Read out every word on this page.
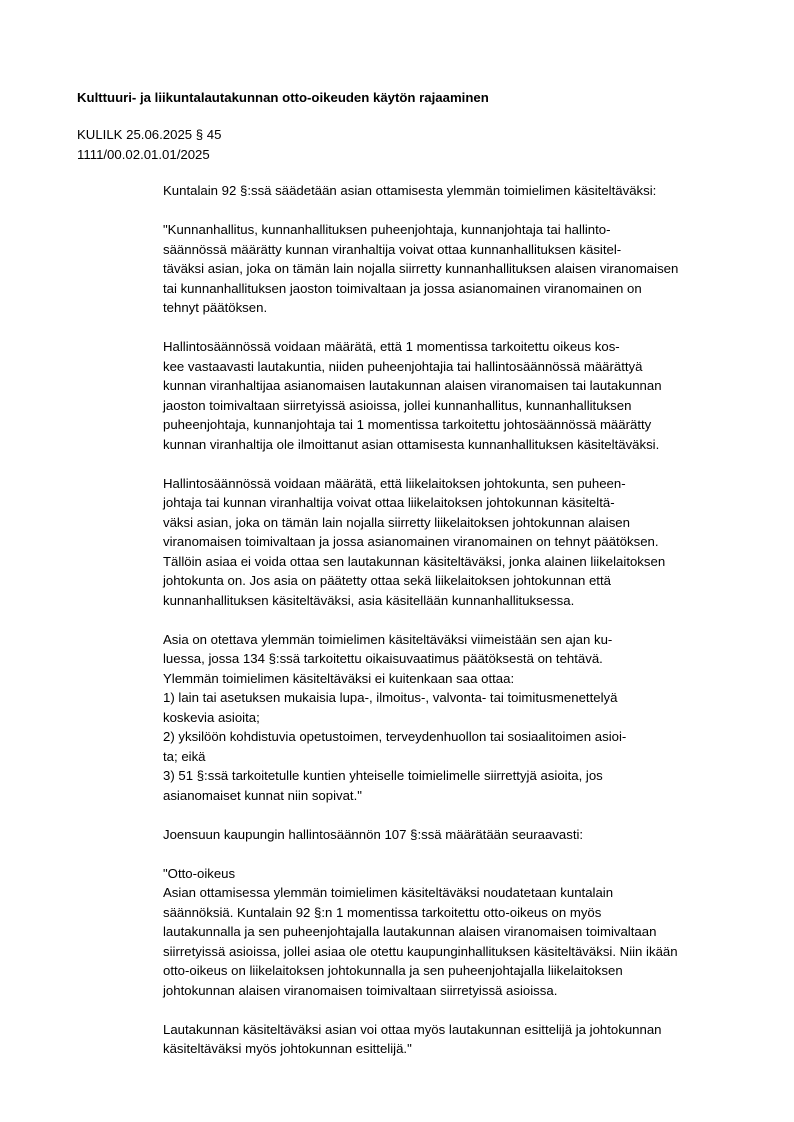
Kulttuuri- ja liikuntalautakunnan otto-oikeuden käytön rajaaminen
KULILK 25.06.2025 § 45
1111/00.02.01.01/2025
Kuntalain 92 §:ssä säädetään asian ottamisesta ylemmän toimielimen käsiteltäväksi:
"Kunnanhallitus, kunnanhallituksen puheenjohtaja, kunnanjohtaja tai hallinto-
säännössä määrätty kunnan viranhaltija voivat ottaa kunnanhallituksen käsitel-
täväksi asian, joka on tämän lain nojalla siirretty kunnanhallituksen alaisen viranomaisen
tai kunnanhallituksen jaoston toimivaltaan ja jossa asianomainen viranomainen on
tehnyt päätöksen.
Hallintosäännössä voidaan määrätä, että 1 momentissa tarkoitettu oikeus kos-
kee vastaavasti lautakuntia, niiden puheenjohtajia tai hallintosäännössä määrättyä
kunnan viranhaltijaa asianomaisen lautakunnan alaisen viranomaisen tai lautakunnan
jaoston toimivaltaan siirretyissä asioissa, jollei kunnanhallitus, kunnanhallituksen
puheenjohtaja, kunnanjohtaja tai 1 momentissa tarkoitettu johtosäännössä määrätty
kunnan viranhaltija ole ilmoittanut asian ottamisesta kunnanhallituksen käsiteltäväksi.
Hallintosäännössä voidaan määrätä, että liikelaitoksen johtokunta, sen puheen-
johtaja tai kunnan viranhaltija voivat ottaa liikelaitoksen johtokunnan käsiteltä-
väksi asian, joka on tämän lain nojalla siirretty liikelaitoksen johtokunnan alaisen
viranomaisen toimivaltaan ja jossa asianomainen viranomainen on tehnyt päätöksen.
Tällöin asiaa ei voida ottaa sen lautakunnan käsiteltäväksi, jonka alainen liikelaitoksen
johtokunta on. Jos asia on päätetty ottaa sekä liikelaitoksen johtokunnan että
kunnanhallituksen käsiteltäväksi, asia käsitellään kunnanhallituksessa.
Asia on otettava ylemmän toimielimen käsiteltäväksi viimeistään sen ajan ku-
luessa, jossa 134 §:ssä tarkoitettu oikaisuvaatimus päätöksestä on tehtävä.
Ylemmän toimielimen käsiteltäväksi ei kuitenkaan saa ottaa:
1) lain tai asetuksen mukaisia lupa-, ilmoitus-, valvonta- tai toimitusmenettelyä
koskevia asioita;
2) yksilöön kohdistuvia opetustoimen, terveydenhuollon tai sosiaalitoimen asioi-
ta; eikä
3) 51 §:ssä tarkoitetulle kuntien yhteiselle toimielimelle siirrettyjä asioita, jos
asianomaiset kunnat niin sopivat."
Joensuun kaupungin hallintosäännön 107 §:ssä määrätään seuraavasti:
"Otto-oikeus
Asian ottamisessa ylemmän toimielimen käsiteltäväksi noudatetaan kuntalain
säännöksiä. Kuntalain 92 §:n 1 momentissa tarkoitettu otto-oikeus on myös
lautakunnalla ja sen puheenjohtajalla lautakunnan alaisen viranomaisen toimivaltaan
siirretyissä asioissa, jollei asiaa ole otettu kaupunginhallituksen käsiteltäväksi. Niin ikään
otto-oikeus on liikelaitoksen johtokunnalla ja sen puheenjohtajalla liikelaitoksen
johtokunnan alaisen viranomaisen toimivaltaan siirretyissä asioissa.
Lautakunnan käsiteltäväksi asian voi ottaa myös lautakunnan esittelijä ja johtokunnan
käsiteltäväksi myös johtokunnan esittelijä."
